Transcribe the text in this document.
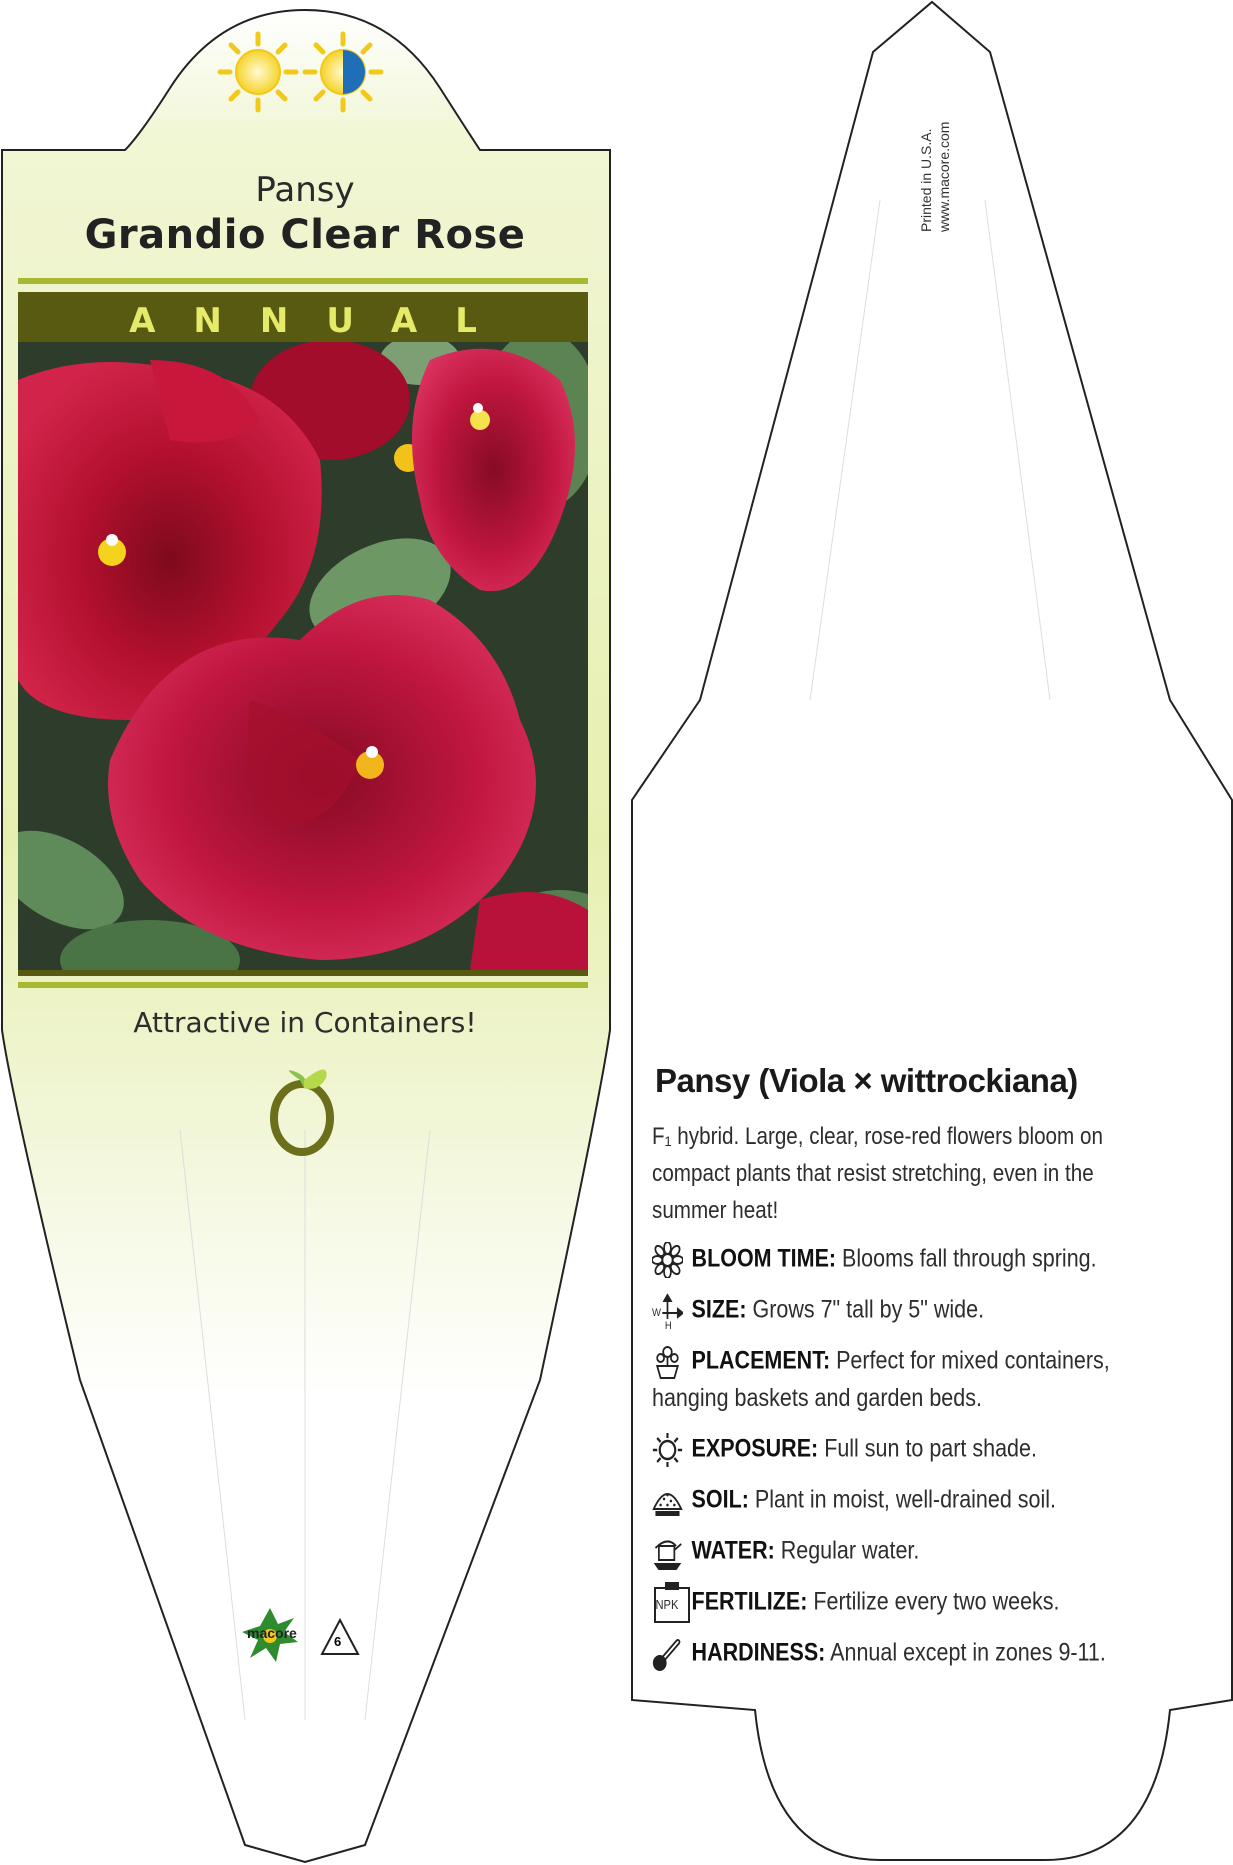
Pansy
Grandio Clear Rose
ANNUAL
Attractive in Containers!
macore
6
Printed in U.S.A. www.macore.com
Pansy (Viola × wittrockiana)
F₁ hybrid. Large, clear, rose-red flowers bloom on compact plants that resist stretching, even in the summer heat!
BLOOM TIME: Blooms fall through spring.
W
H
SIZE: Grows 7" tall by 5" wide.
PLACEMENT: Perfect for mixed containers,
hanging baskets and garden beds.
EXPOSURE: Full sun to part shade.
SOIL: Plant in moist, well-drained soil.
WATER: Regular water.
NPK FERTILIZE: Fertilize every two weeks.
HARDINESS: Annual except in zones 9-11.
